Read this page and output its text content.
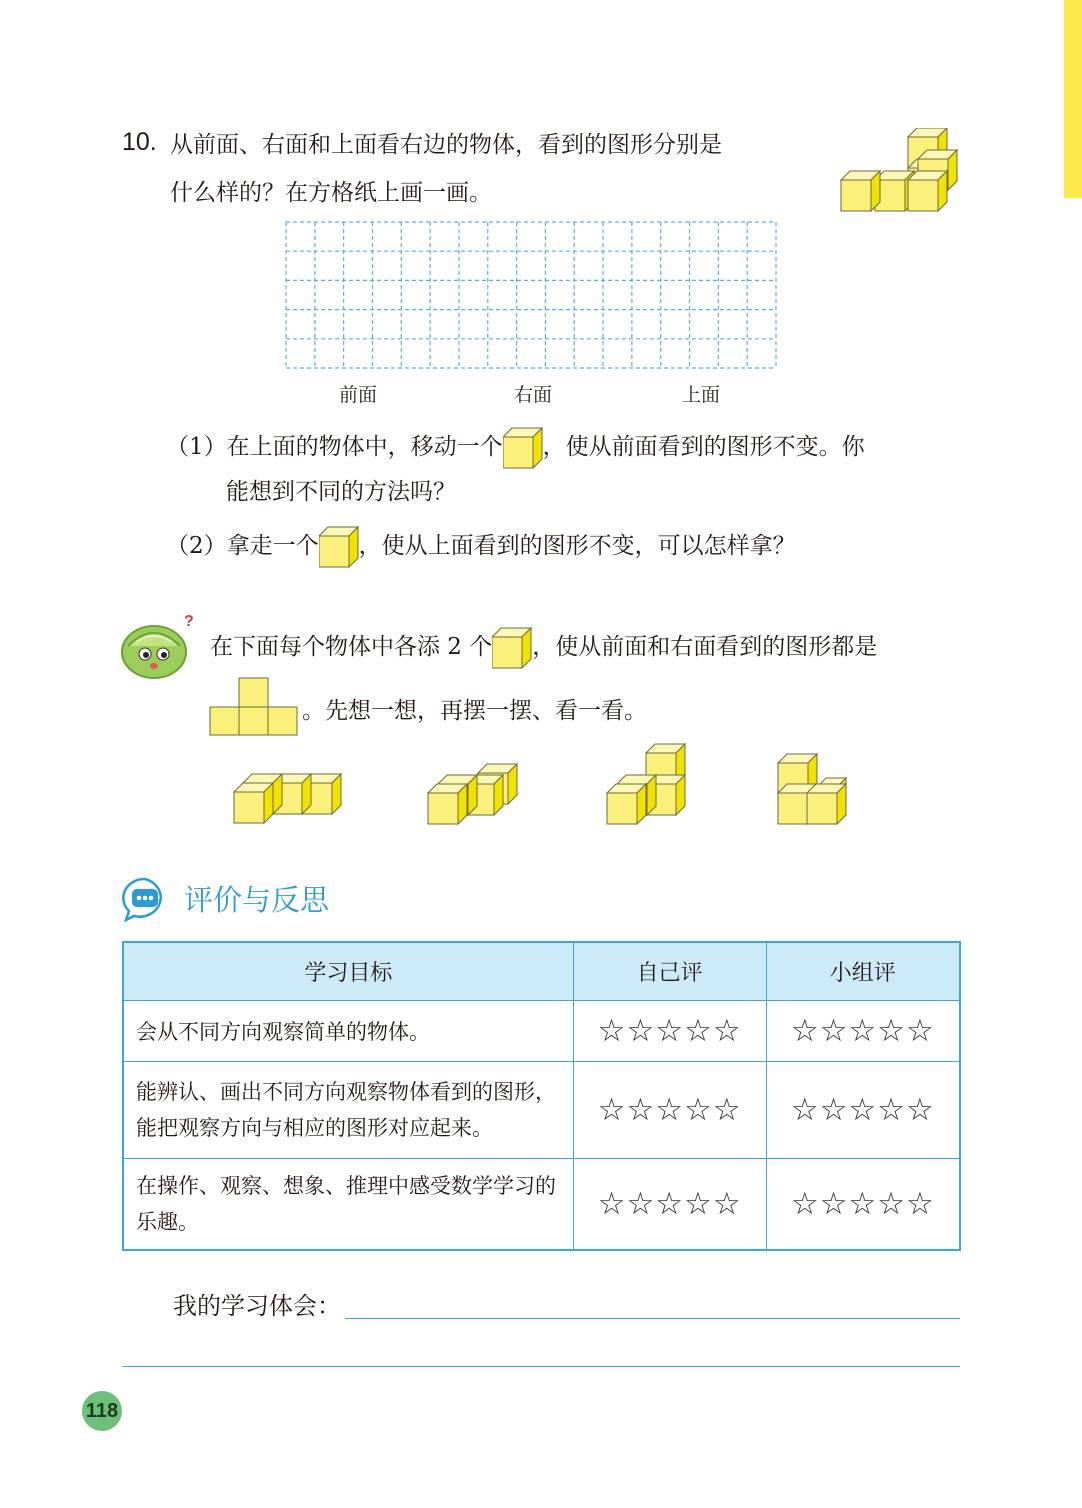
10. 从前面、右面和上面看右边的物体，看到的图形分别是
什么样的？在方格纸上画一画。
前面	右面	上面
（1）在上面的物体中，移动一个 ，使从前面看到的图形不变。你
能想到不同的方法吗？
（2）拿走一个 ，使从上面看到的图形不变，可以怎样拿？
?
在下面每个物体中各添 2 个 ，使从前面和右面看到的图形都是
。先想一想，再摆一摆、看一看。
评价与反思
学习目标	自己评	小组评
会从不同方向观察简单的物体。	☆☆☆☆☆	☆☆☆☆☆
能辨认、画出不同方向观察物体看到的图形，能把观察方向与相应的图形对应起来。	☆☆☆☆☆	☆☆☆☆☆
在操作、观察、想象、推理中感受数学学习的乐趣。	☆☆☆☆☆	☆☆☆☆☆
我的学习体会：
118
